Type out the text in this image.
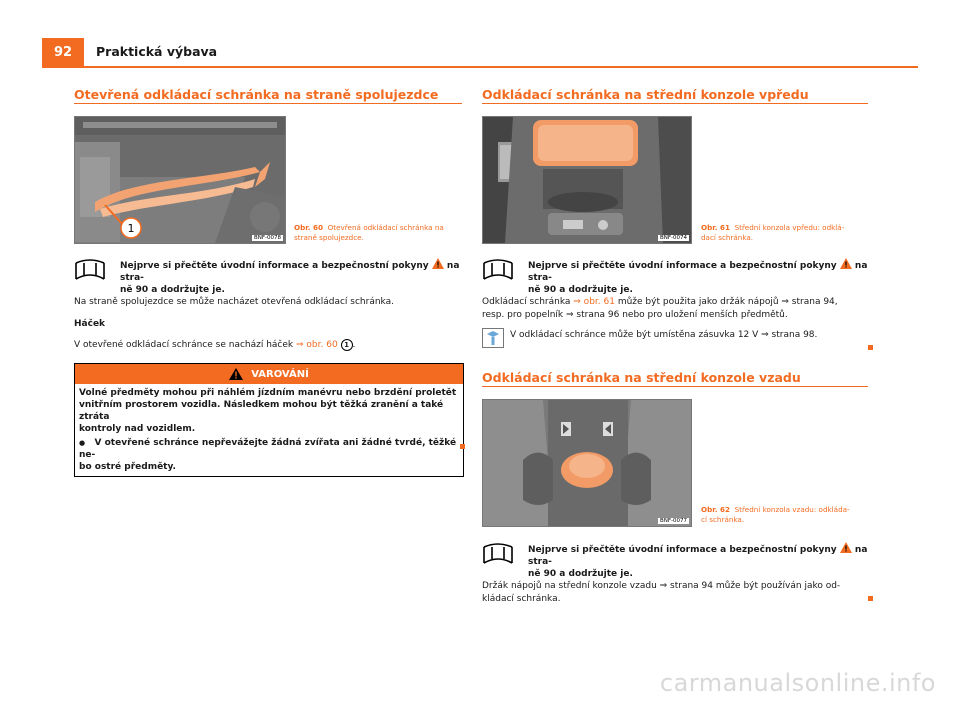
92	Praktická výbava
Otevřená odkládací schránka na straně spolujezdce
1
BNF-0078
Obr. 60 Otevřená odkládací schránka na straně spolujezdce.
Nejprve si přečtěte úvodní informace a bezpečnostní pokyny na stra-
ně 90 a dodržujte je.
Na straně spolujezdce se může nacházet otevřená odkládací schránka.
Háček
V otevřené odkládací schránce se nachází háček ⇒ obr. 60 1 .
VAROVÁNÍ
Volné předměty mohou při náhlém jízdním manévru nebo brzdění proletět
vnitřním prostorem vozidla. Následkem mohou být těžká zranění a také ztráta
kontroly nad vozidlem.
● V otevřené schránce nepřevážejte žádná zvířata ani žádné tvrdé, těžké ne-
bo ostré předměty.
Odkládací schránka na střední konzole vpředu
BNF-0074
Obr. 61 Střední konzola vpředu: odklá-
dací schránka.
Nejprve si přečtěte úvodní informace a bezpečnostní pokyny na stra-
ně 90 a dodržujte je.
Odkládací schránka ⇒ obr. 61 může být použita jako držák nápojů ⇒ strana 94,
resp. pro popelník ⇒ strana 96 nebo pro uložení menších předmětů.
V odkládací schránce může být umístěna zásuvka 12 V ⇒ strana 98.
Odkládací schránka na střední konzole vzadu
BNF-0077
Obr. 62 Střední konzola vzadu: odkláda-
cí schránka.
Nejprve si přečtěte úvodní informace a bezpečnostní pokyny na stra-
ně 90 a dodržujte je.
Držák nápojů na střední konzole vzadu ⇒ strana 94 může být používán jako od-
kládací schránka.
carmanualsonline.info
